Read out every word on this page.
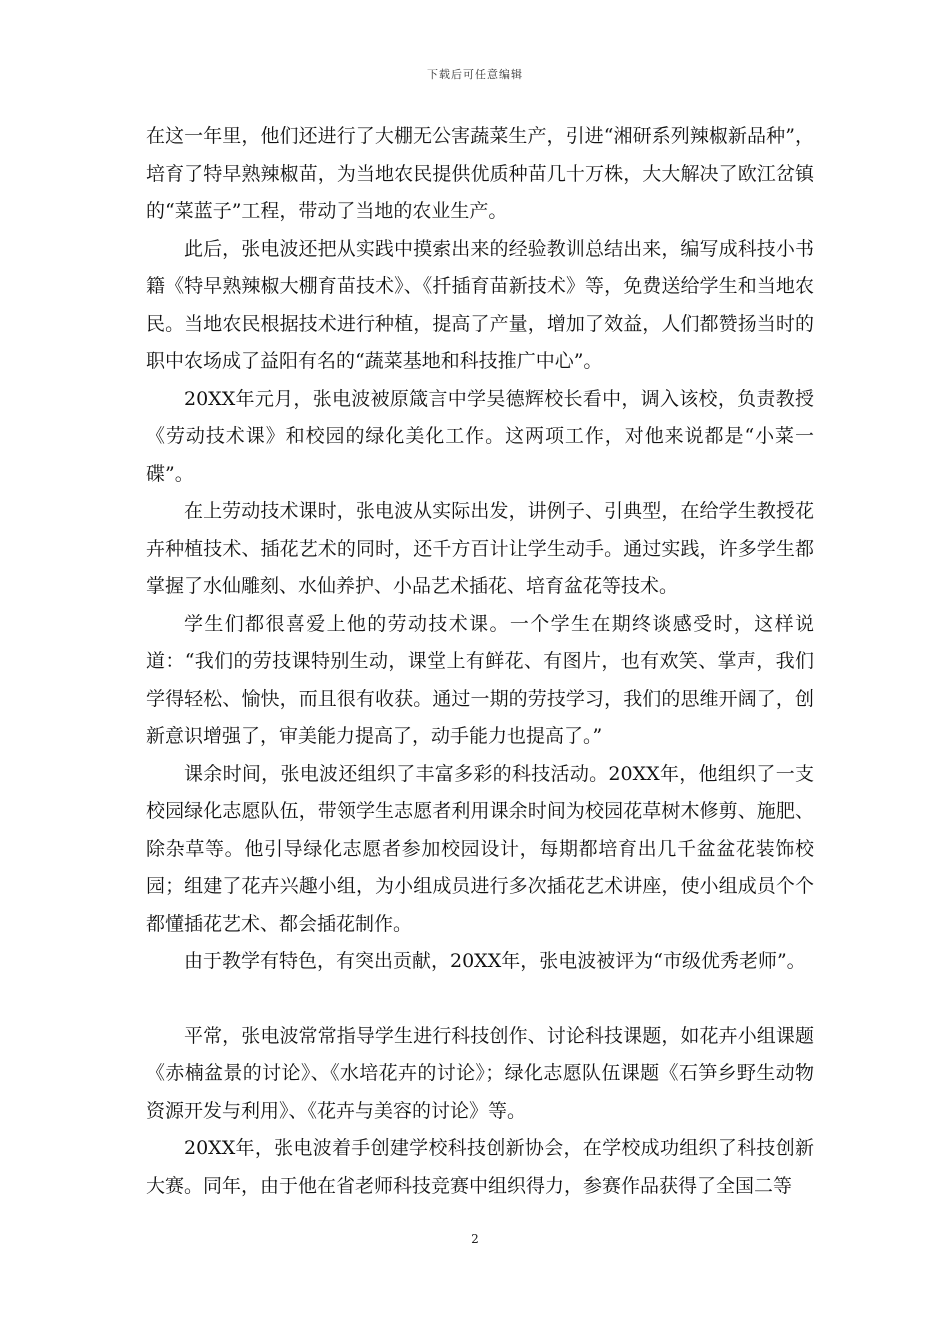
下载后可任意编辑

在这一年里，他们还进行了大棚无公害蔬菜生产，引进“湘研系列辣椒新品种”，培育了特早熟辣椒苗，为当地农民提供优质种苗几十万株，大大解决了欧江岔镇的“菜蓝子”工程，带动了当地的农业生产。

此后，张电波还把从实践中摸索出来的经验教训总结出来，编写成科技小书籍《特早熟辣椒大棚育苗技术》、《扦插育苗新技术》等，免费送给学生和当地农民。当地农民根据技术进行种植，提高了产量，增加了效益，人们都赞扬当时的职中农场成了益阳有名的“蔬菜基地和科技推广中心”。

20XX年元月，张电波被原箴言中学吴德辉校长看中，调入该校，负责教授《劳动技术课》和校园的绿化美化工作。这两项工作，对他来说都是“小菜一碟”。

在上劳动技术课时，张电波从实际出发，讲例子、引典型，在给学生教授花卉种植技术、插花艺术的同时，还千方百计让学生动手。通过实践，许多学生都掌握了水仙雕刻、水仙养护、小品艺术插花、培育盆花等技术。

学生们都很喜爱上他的劳动技术课。一个学生在期终谈感受时，这样说道：“我们的劳技课特别生动，课堂上有鲜花、有图片，也有欢笑、掌声，我们学得轻松、愉快，而且很有收获。通过一期的劳技学习，我们的思维开阔了，创新意识增强了，审美能力提高了，动手能力也提高了。”

课余时间，张电波还组织了丰富多彩的科技活动。20XX年，他组织了一支校园绿化志愿队伍，带领学生志愿者利用课余时间为校园花草树木修剪、施肥、除杂草等。他引导绿化志愿者参加校园设计，每期都培育出几千盆盆花装饰校园；组建了花卉兴趣小组，为小组成员进行多次插花艺术讲座，使小组成员个个都懂插花艺术、都会插花制作。

由于教学有特色，有突出贡献，20XX年，张电波被评为“市级优秀老师”。

平常，张电波常常指导学生进行科技创作、讨论科技课题，如花卉小组课题《赤楠盆景的讨论》、《水培花卉的讨论》；绿化志愿队伍课题《石笋乡野生动物资源开发与利用》、《花卉与美容的讨论》等。

20XX年，张电波着手创建学校科技创新协会，在学校成功组织了科技创新大赛。同年，由于他在省老师科技竞赛中组织得力，参赛作品获得了全国二等

2
